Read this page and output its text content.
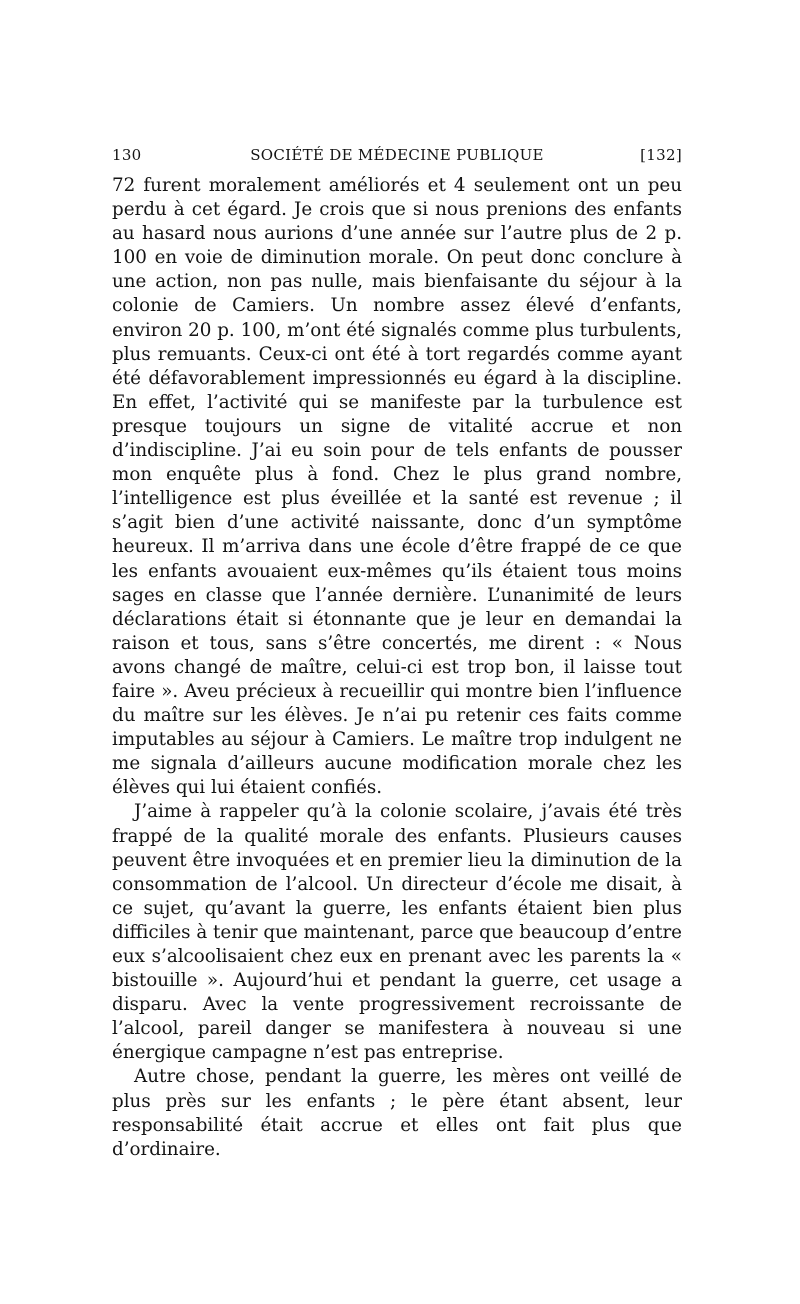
130	SOCIÉTÉ DE MÉDECINE PUBLIQUE	[132]

72 furent moralement améliorés et 4 seulement ont un peu perdu à cet égard. Je crois que si nous prenions des enfants au hasard nous aurions d’une année sur l’autre plus de 2 p. 100 en voie de diminution morale. On peut donc conclure à une action, non pas nulle, mais bienfaisante du séjour à la colonie de Camiers. Un nombre assez élevé d’enfants, environ 20 p. 100, m’ont été signalés comme plus turbulents, plus remuants. Ceux-ci ont été à tort regardés comme ayant été défavorablement impressionnés eu égard à la discipline. En effet, l’activité qui se manifeste par la turbulence est presque toujours un signe de vitalité accrue et non d’indiscipline. J’ai eu soin pour de tels enfants de pousser mon enquête plus à fond. Chez le plus grand nombre, l’intelligence est plus éveillée et la santé est revenue ; il s’agit bien d’une activité naissante, donc d’un symptôme heureux. Il m’arriva dans une école d’être frappé de ce que les enfants avouaient eux-mêmes qu’ils étaient tous moins sages en classe que l’année dernière. L’unanimité de leurs déclarations était si étonnante que je leur en demandai la raison et tous, sans s’être concertés, me dirent : « Nous avons changé de maître, celui-ci est trop bon, il laisse tout faire ». Aveu précieux à recueillir qui montre bien l’influence du maître sur les élèves. Je n’ai pu retenir ces faits comme imputables au séjour à Camiers. Le maître trop indulgent ne me signala d’ailleurs aucune modification morale chez les élèves qui lui étaient confiés.

J’aime à rappeler qu’à la colonie scolaire, j’avais été très frappé de la qualité morale des enfants. Plusieurs causes peuvent être invoquées et en premier lieu la diminution de la consommation de l’alcool. Un directeur d’école me disait, à ce sujet, qu’avant la guerre, les enfants étaient bien plus difficiles à tenir que maintenant, parce que beaucoup d’entre eux s’alcoolisaient chez eux en prenant avec les parents la « bistouille ». Aujourd’hui et pendant la guerre, cet usage a disparu. Avec la vente progressivement recroissante de l’alcool, pareil danger se manifestera à nouveau si une énergique campagne n’est pas entreprise.

Autre chose, pendant la guerre, les mères ont veillé de plus près sur les enfants ; le père étant absent, leur responsabilité était accrue et elles ont fait plus que d’ordinaire.
